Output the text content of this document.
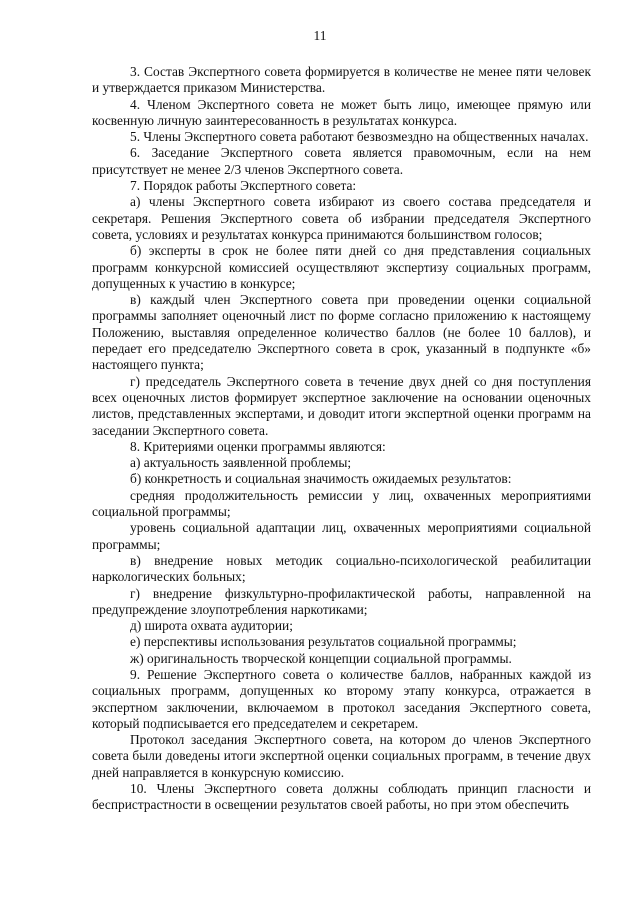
11

3. Состав Экспертного совета формируется в количестве не менее пяти человек и утверждается приказом Министерства.

4. Членом Экспертного совета не может быть лицо, имеющее прямую или косвенную личную заинтересованность в результатах конкурса.

5. Члены Экспертного совета работают безвозмездно на общественных началах.

6. Заседание Экспертного совета является правомочным, если на нем присутствует не менее 2/3 членов Экспертного совета.

7. Порядок работы Экспертного совета:

а) члены Экспертного совета избирают из своего состава председателя и секретаря. Решения Экспертного совета об избрании председателя Экспертного совета, условиях и результатах конкурса принимаются большинством голосов;

б) эксперты в срок не более пяти дней со дня представления социальных программ конкурсной комиссией осуществляют экспертизу социальных программ, допущенных к участию в конкурсе;

в) каждый член Экспертного совета при проведении оценки социальной программы заполняет оценочный лист по форме согласно приложению к настоящему Положению, выставляя определенное количество баллов (не более 10 баллов), и передает его председателю Экспертного совета в срок, указанный в подпункте «б» настоящего пункта;

г) председатель Экспертного совета в течение двух дней со дня поступления всех оценочных листов формирует экспертное заключение на основании оценочных листов, представленных экспертами, и доводит итоги экспертной оценки программ на заседании Экспертного совета.

8. Критериями оценки программы являются:

а) актуальность заявленной проблемы;

б) конкретность и социальная значимость ожидаемых результатов:

средняя продолжительность ремиссии у лиц, охваченных мероприятиями социальной программы;

уровень социальной адаптации лиц, охваченных мероприятиями социальной программы;

в) внедрение новых методик социально-психологической реабилитации наркологических больных;

г) внедрение физкультурно-профилактической работы, направленной на предупреждение злоупотребления наркотиками;

д) широта охвата аудитории;

е) перспективы использования результатов социальной программы;

ж) оригинальность творческой концепции социальной программы.

9. Решение Экспертного совета о количестве баллов, набранных каждой из социальных программ, допущенных ко второму этапу конкурса, отражается в экспертном заключении, включаемом в протокол заседания Экспертного совета, который подписывается его председателем и секретарем.

Протокол заседания Экспертного совета, на котором до членов Экспертного совета были доведены итоги экспертной оценки социальных программ, в течение двух дней направляется в конкурсную комиссию.

10. Члены Экспертного совета должны соблюдать принцип гласности и беспристрастности в освещении результатов своей работы, но при этом обеспечить
